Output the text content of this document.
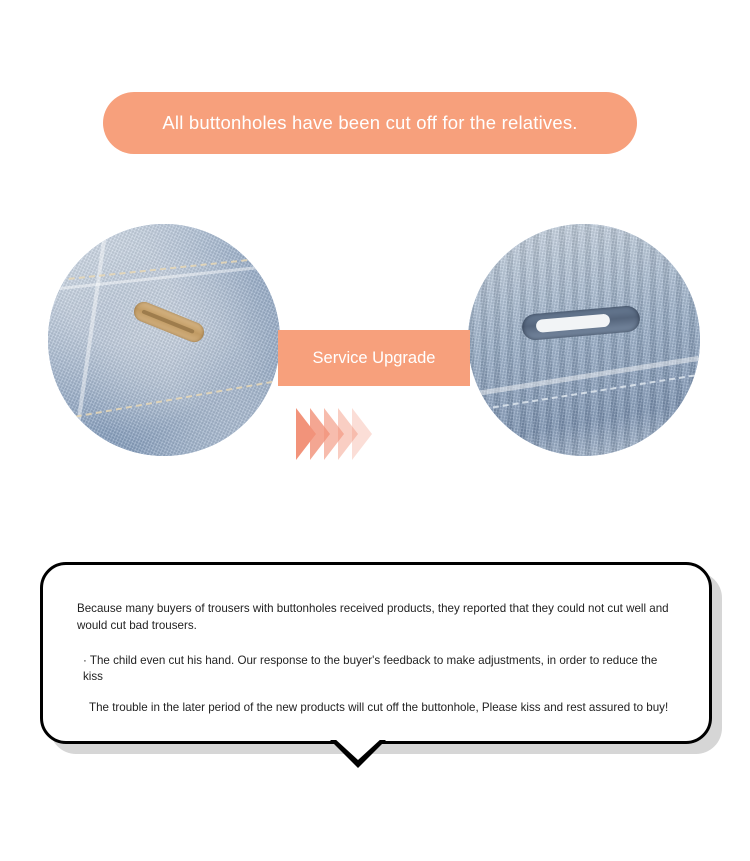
All buttonholes have been cut off for the relatives.
Service Upgrade

Because many buyers of trousers with buttonholes received products, they reported that they could not cut well and would cut bad trousers.

· The child even cut his hand. Our response to the buyer's feedback to make adjustments, in order to reduce the kiss

The trouble in the later period of the new products will cut off the buttonhole, Please kiss and rest assured to buy!
